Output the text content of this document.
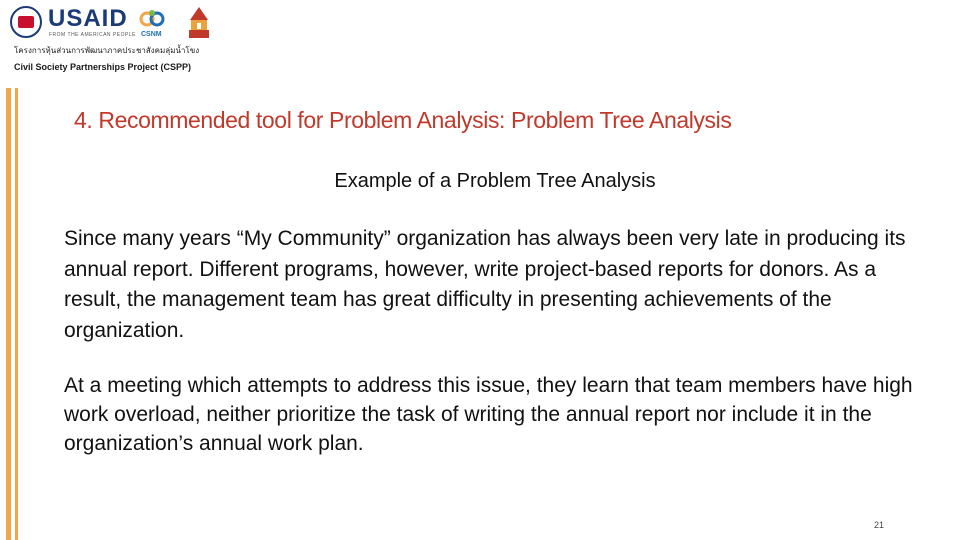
USAID
FROM THE AMERICAN PEOPLE CSNM
โครงการหุ้นส่วนการพัฒนาภาคประชาสังคมลุ่มน้ำโขง
Civil Society Partnerships Project (CSPP)
4. Recommended tool for Problem Analysis: Problem Tree Analysis
Example of a Problem Tree Analysis
Since many years “My Community” organization has always been very late in producing its annual report. Different programs, however, write project-based reports for donors. As a result, the management team has great difficulty in presenting achievements of the organization.
At a meeting which attempts to address this issue, they learn that team members have high work overload, neither prioritize the task of writing the annual report nor include it in the organization’s annual work plan.
21
